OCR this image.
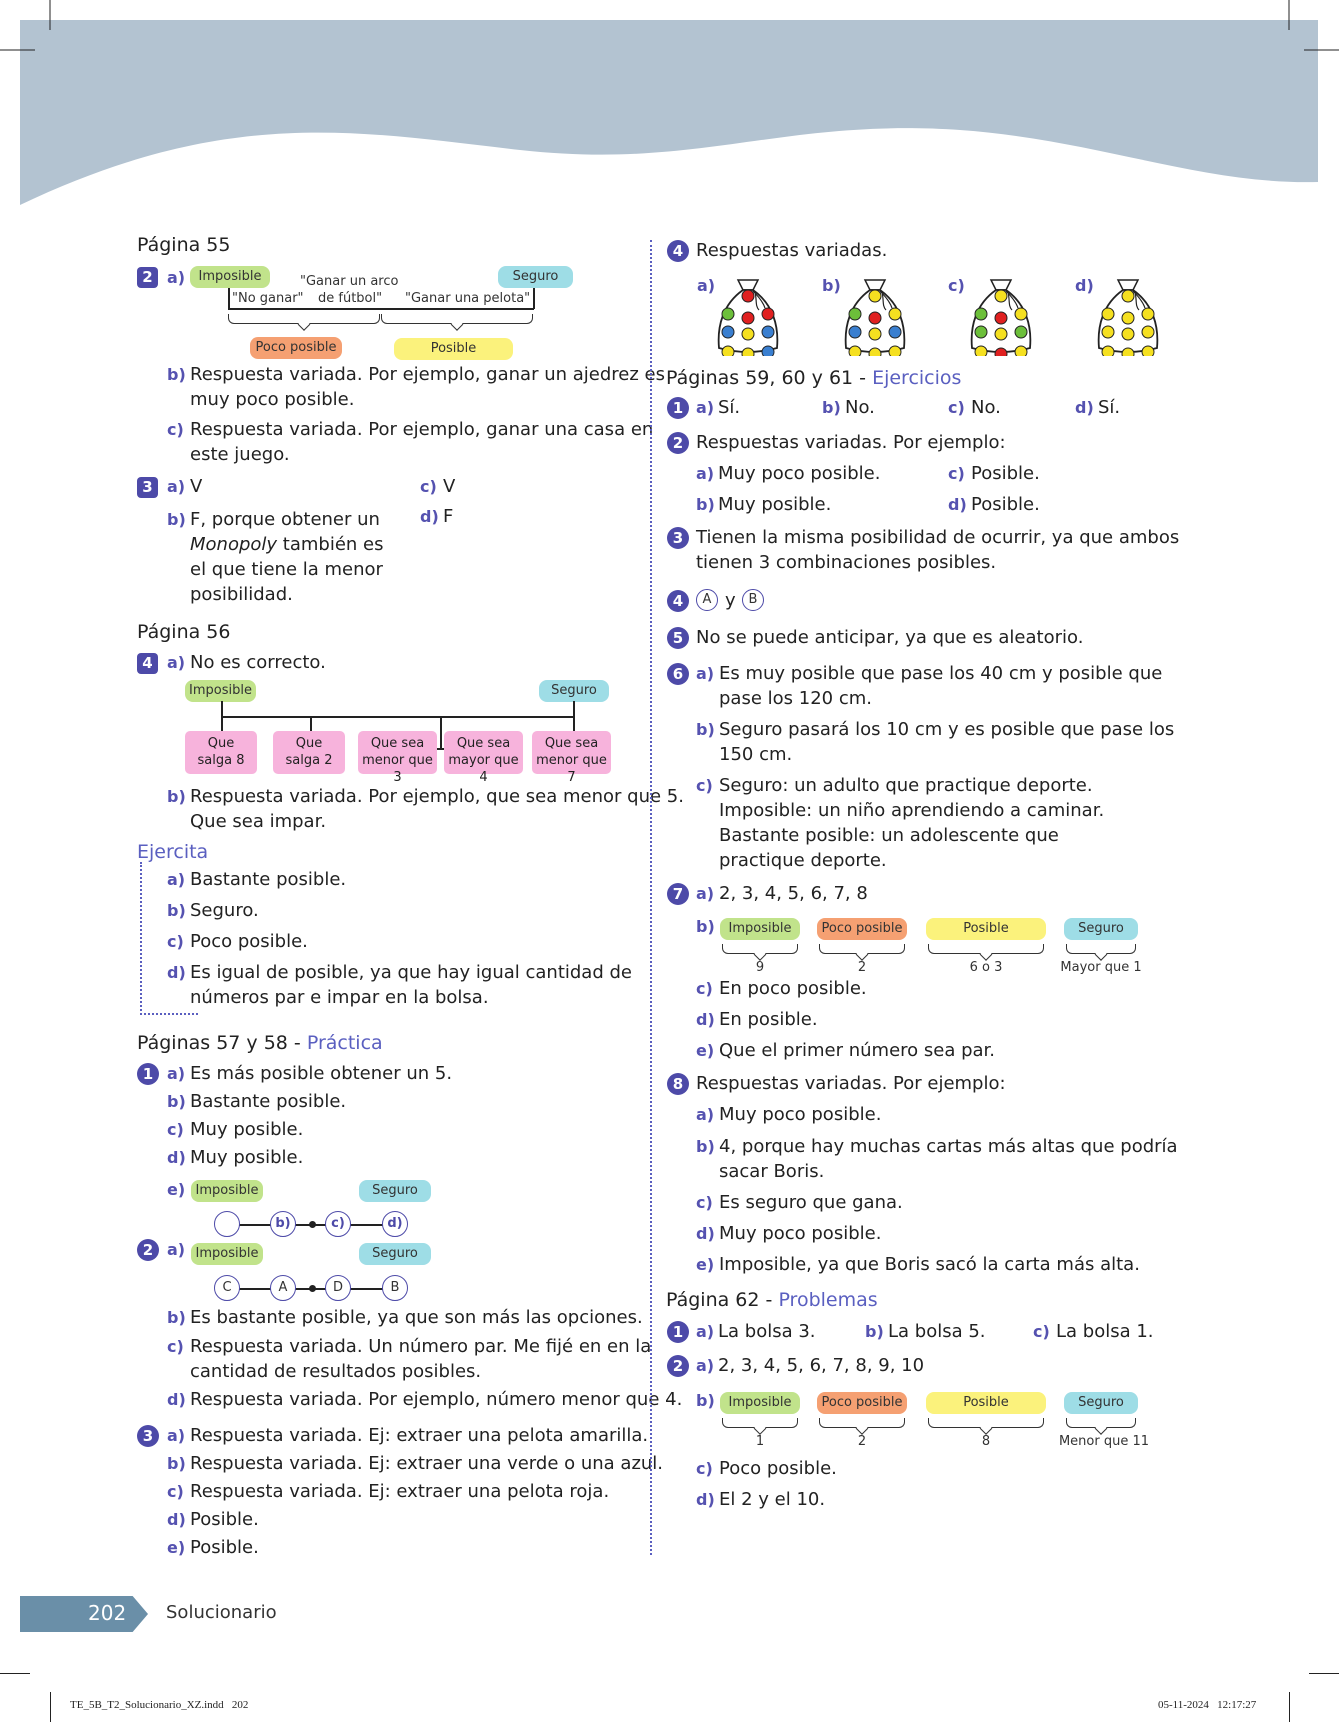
Página 55
2 a)	Imposible	Seguro
"Ganar un arco
"No ganar" de fútbol" "Ganar una pelota"
Poco posible	Posible
b) Respuesta variada. Por ejemplo, ganar un ajedrez es
muy poco posible.
c) Respuesta variada. Por ejemplo, ganar una casa en
este juego.
3 a) V	c) V
b) F, porque obtener un
Monopoly también es
el que tiene la menor
posibilidad.
d) F
Página 56
4 a) No es correcto.
Imposible	Seguro
Que
salga 8
Que
salga 2
Que sea
menor que 3
Que sea
mayor que 4
Que sea
menor que 7
b) Respuesta variada. Por ejemplo, que sea menor que 5.
Que sea impar.
Ejercita
a) Bastante posible.
b) Seguro.
c) Poco posible.
d) Es igual de posible, ya que hay igual cantidad de
números par e impar en la bolsa.
Páginas 57 y 58 - Práctica
1 a) Es más posible obtener un 5.
b) Bastante posible.
c) Muy posible.
d) Muy posible.
e) Imposible	Seguro
b)	c)	d)
2 a) Imposible	Seguro
C	A	D	B
b) Es bastante posible, ya que son más las opciones.
c) Respuesta variada. Un número par. Me fijé en en la
cantidad de resultados posibles.
d) Respuesta variada. Por ejemplo, número menor que 4.
3 a) Respuesta variada. Ej: extraer una pelota amarilla.
b) Respuesta variada. Ej: extraer una verde o una azul.
c) Respuesta variada. Ej: extraer una pelota roja.
d) Posible.
e) Posible.
4 Respuestas variadas.
a)	b)	c)	d)
Páginas 59, 60 y 61 - Ejercicios
1 a) Sí.	b) No.	c) No.	d) Sí.
2 Respuestas variadas. Por ejemplo:
a) Muy poco posible.	c) Posible.
b) Muy posible.	d) Posible.
3 Tienen la misma posibilidad de ocurrir, ya que ambos
tienen 3 combinaciones posibles.
4	A y B
5 No se puede anticipar, ya que es aleatorio.
6 a) Es muy posible que pase los 40 cm y posible que
pase los 120 cm.
b) Seguro pasará los 10 cm y es posible que pase los
150 cm.
c) Seguro: un adulto que practique deporte.
Imposible: un niño aprendiendo a caminar.
Bastante posible: un adolescente que
practique deporte.
7 a) 2, 3, 4, 5, 6, 7, 8
b)	Imposible	Poco posible	Posible	Seguro
9	2	6 o 3	Mayor que 1
c) En poco posible.
d) En posible.
e) Que el primer número sea par.
8 Respuestas variadas. Por ejemplo:
a) Muy poco posible.
b) 4, porque hay muchas cartas más altas que podría
sacar Boris.
c) Es seguro que gana.
d) Muy poco posible.
e) Imposible, ya que Boris sacó la carta más alta.
Página 62 - Problemas
1 a) La bolsa 3.	b) La bolsa 5.	c) La bolsa 1.
2 a) 2, 3, 4, 5, 6, 7, 8, 9, 10
b)	Imposible	Poco posible	Posible	Seguro
1	2	8	Menor que 11
c) Poco posible.
d) El 2 y el 10.
202 Solucionario
TE_5B_T2_Solucionario_XZ.indd   202	05-11-2024   12:17:27
